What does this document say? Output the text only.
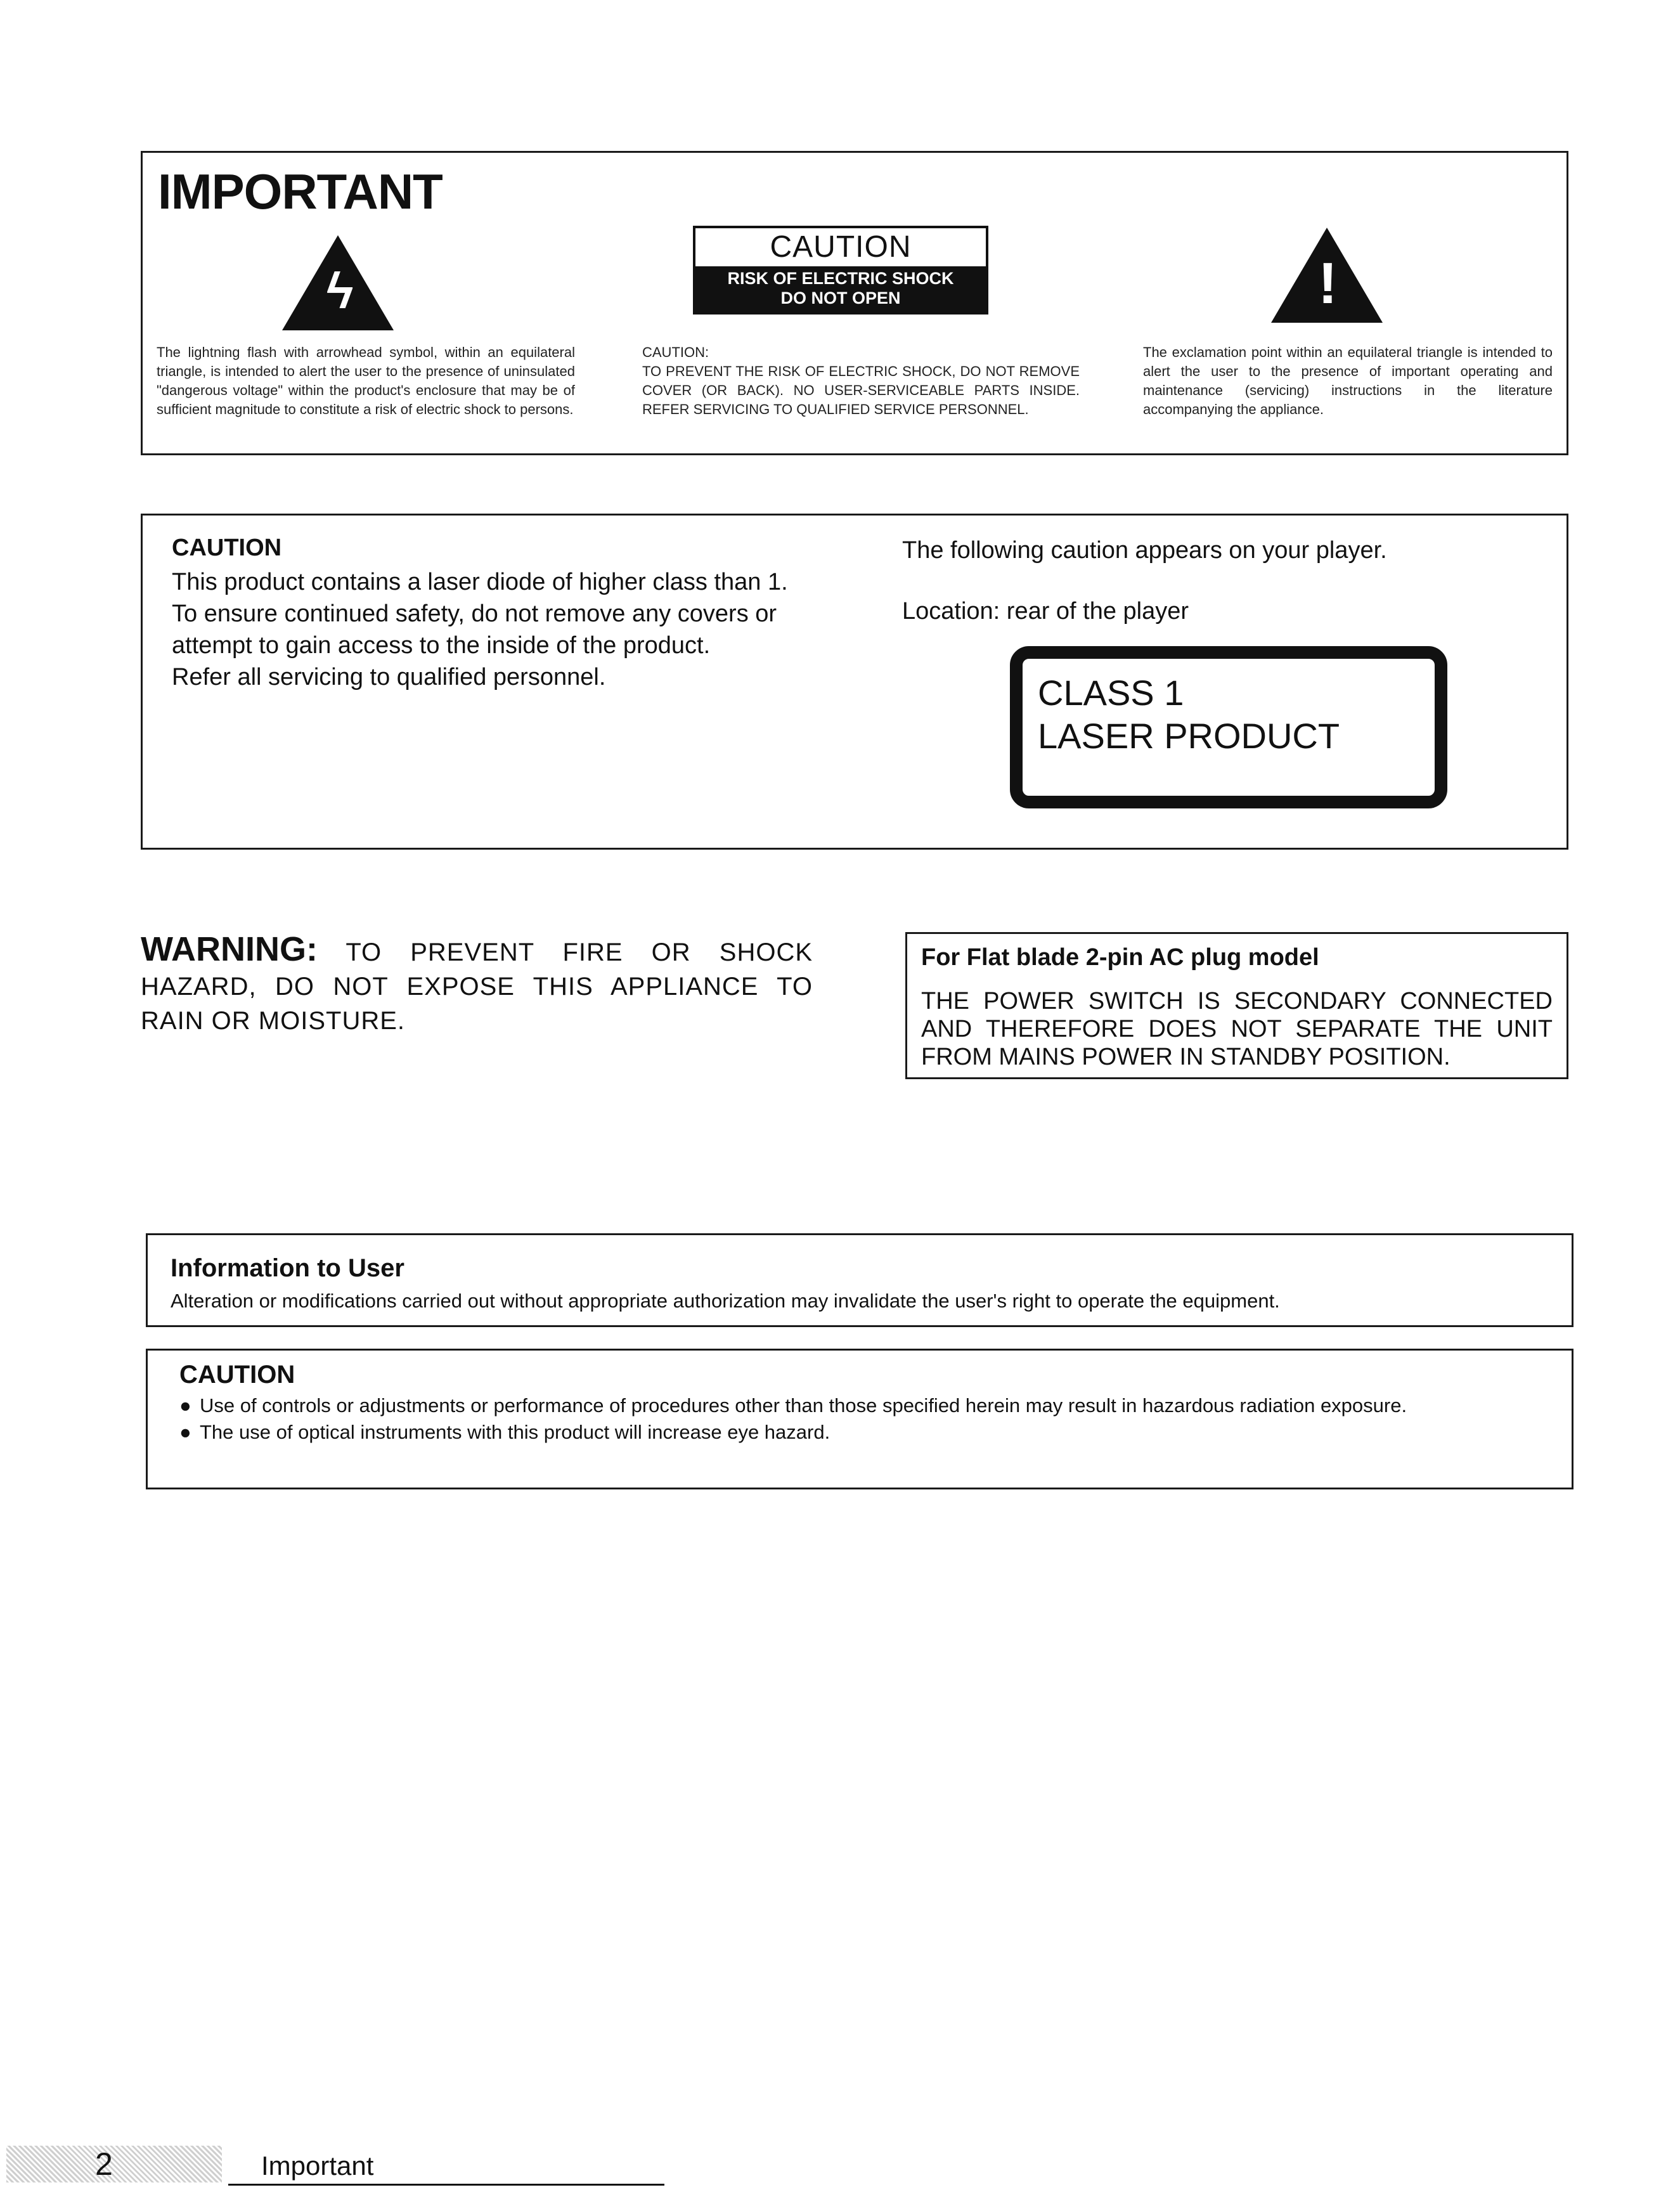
IMPORTANT
ϟ
The lightning flash with arrowhead symbol, within an equilateral triangle, is intended to alert the user to the presence of uninsulated "dangerous voltage" within the product's enclosure that may be of sufficient magnitude to constitute a risk of electric shock to persons.
CAUTION
RISK OF ELECTRIC SHOCK
DO NOT OPEN
CAUTION:
TO PREVENT THE RISK OF ELECTRIC SHOCK, DO NOT REMOVE COVER (OR BACK). NO USER-SERVICEABLE PARTS INSIDE. REFER SERVICING TO QUALIFIED SERVICE PERSONNEL.
!
The exclamation point within an equilateral triangle is intended to alert the user to the presence of important operating and maintenance (servicing) instructions in the literature accompanying the appliance.
CAUTION
This product contains a laser diode of higher class than 1.
To ensure continued safety, do not remove any covers or
attempt to gain access to the inside of the product.
Refer all servicing to qualified personnel.
The following caution appears on your player.
Location: rear of the player
CLASS 1
LASER PRODUCT
WARNING: TO PREVENT FIRE OR SHOCK HAZARD, DO NOT EXPOSE THIS APPLIANCE TO RAIN OR MOISTURE.
For Flat blade 2-pin AC plug model
THE POWER SWITCH IS SECONDARY CONNECTED AND THEREFORE DOES NOT SEPARATE THE UNIT FROM MAINS POWER IN STANDBY POSITION.
Information to User
Alteration or modifications carried out without appropriate authorization may invalidate the user's right to operate the equipment.
CAUTION
● Use of controls or adjustments or performance of procedures other than those specified herein may result in hazardous radiation exposure.
● The use of optical instruments with this product will increase eye hazard.
2	Important
